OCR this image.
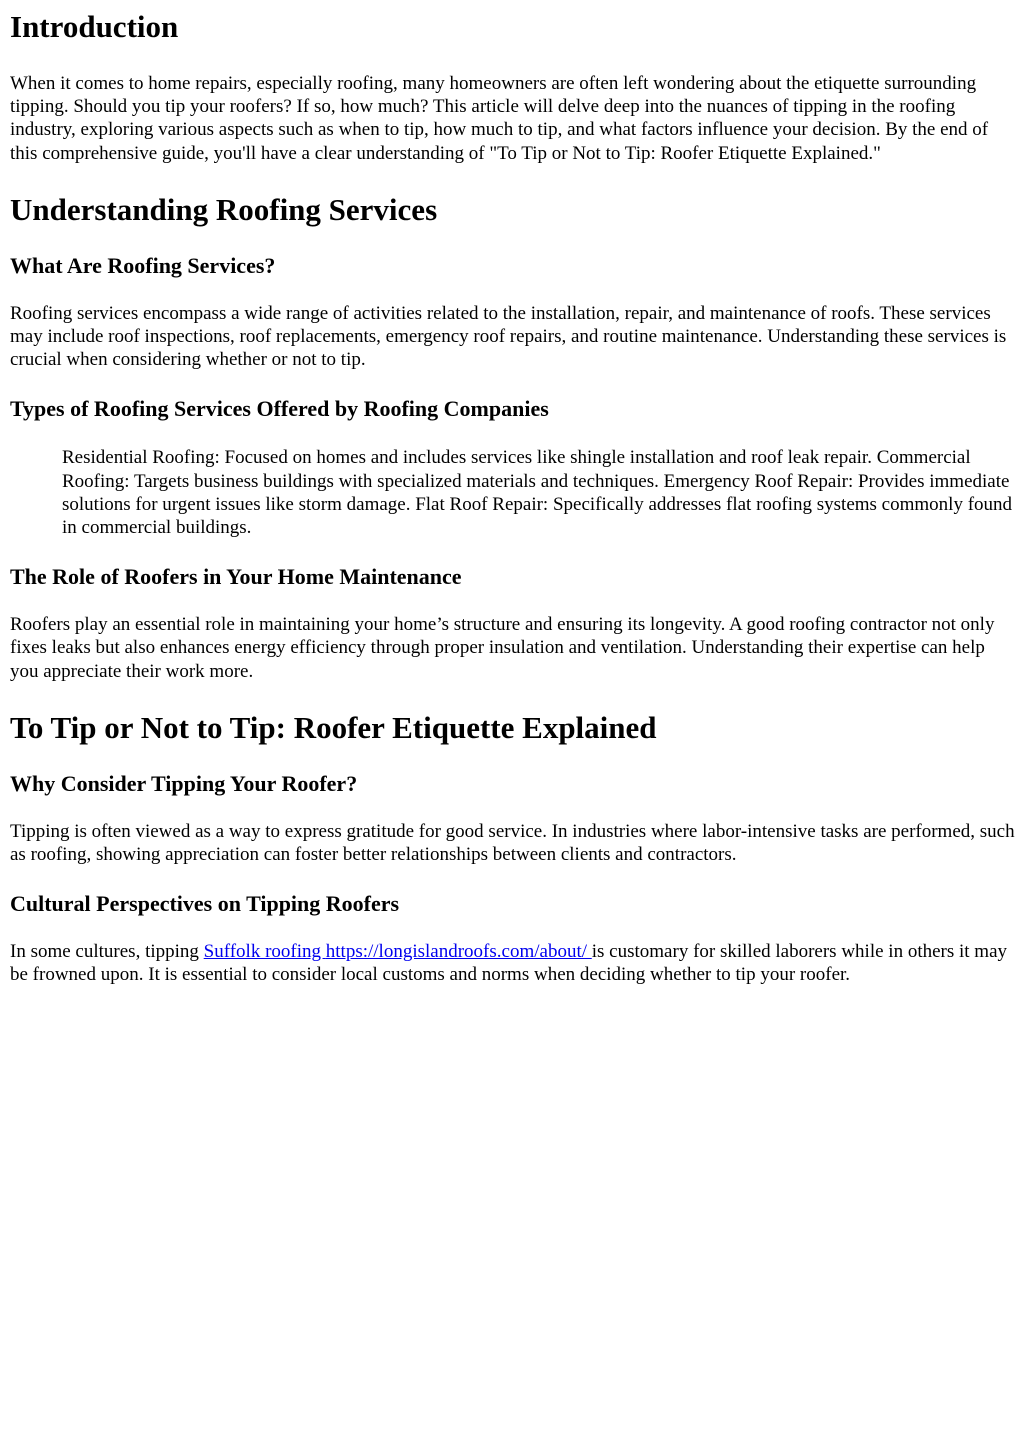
Introduction

When it comes to home repairs, especially roofing, many homeowners are often left wondering about the etiquette surrounding tipping. Should you tip your roofers? If so, how much? This article will delve deep into the nuances of tipping in the roofing industry, exploring various aspects such as when to tip, how much to tip, and what factors influence your decision. By the end of this comprehensive guide, you'll have a clear understanding of "To Tip or Not to Tip: Roofer Etiquette Explained."

Understanding Roofing Services
What Are Roofing Services?

Roofing services encompass a wide range of activities related to the installation, repair, and maintenance of roofs. These services may include roof inspections, roof replacements, emergency roof repairs, and routine maintenance. Understanding these services is crucial when considering whether or not to tip.

Types of Roofing Services Offered by Roofing Companies
Residential Roofing: Focused on homes and includes services like shingle installation and roof leak repair. Commercial Roofing: Targets business buildings with specialized materials and techniques. Emergency Roof Repair: Provides immediate solutions for urgent issues like storm damage. Flat Roof Repair: Specifically addresses flat roofing systems commonly found in commercial buildings.
The Role of Roofers in Your Home Maintenance

Roofers play an essential role in maintaining your home’s structure and ensuring its longevity. A good roofing contractor not only fixes leaks but also enhances energy efficiency through proper insulation and ventilation. Understanding their expertise can help you appreciate their work more.

To Tip or Not to Tip: Roofer Etiquette Explained
Why Consider Tipping Your Roofer?

Tipping is often viewed as a way to express gratitude for good service. In industries where labor-intensive tasks are performed, such as roofing, showing appreciation can foster better relationships between clients and contractors.

Cultural Perspectives on Tipping Roofers

In some cultures, tipping Suffolk roofing https://longislandroofs.com/about/ is customary for skilled laborers while in others it may be frowned upon. It is essential to consider local customs and norms when deciding whether to tip your roofer.
